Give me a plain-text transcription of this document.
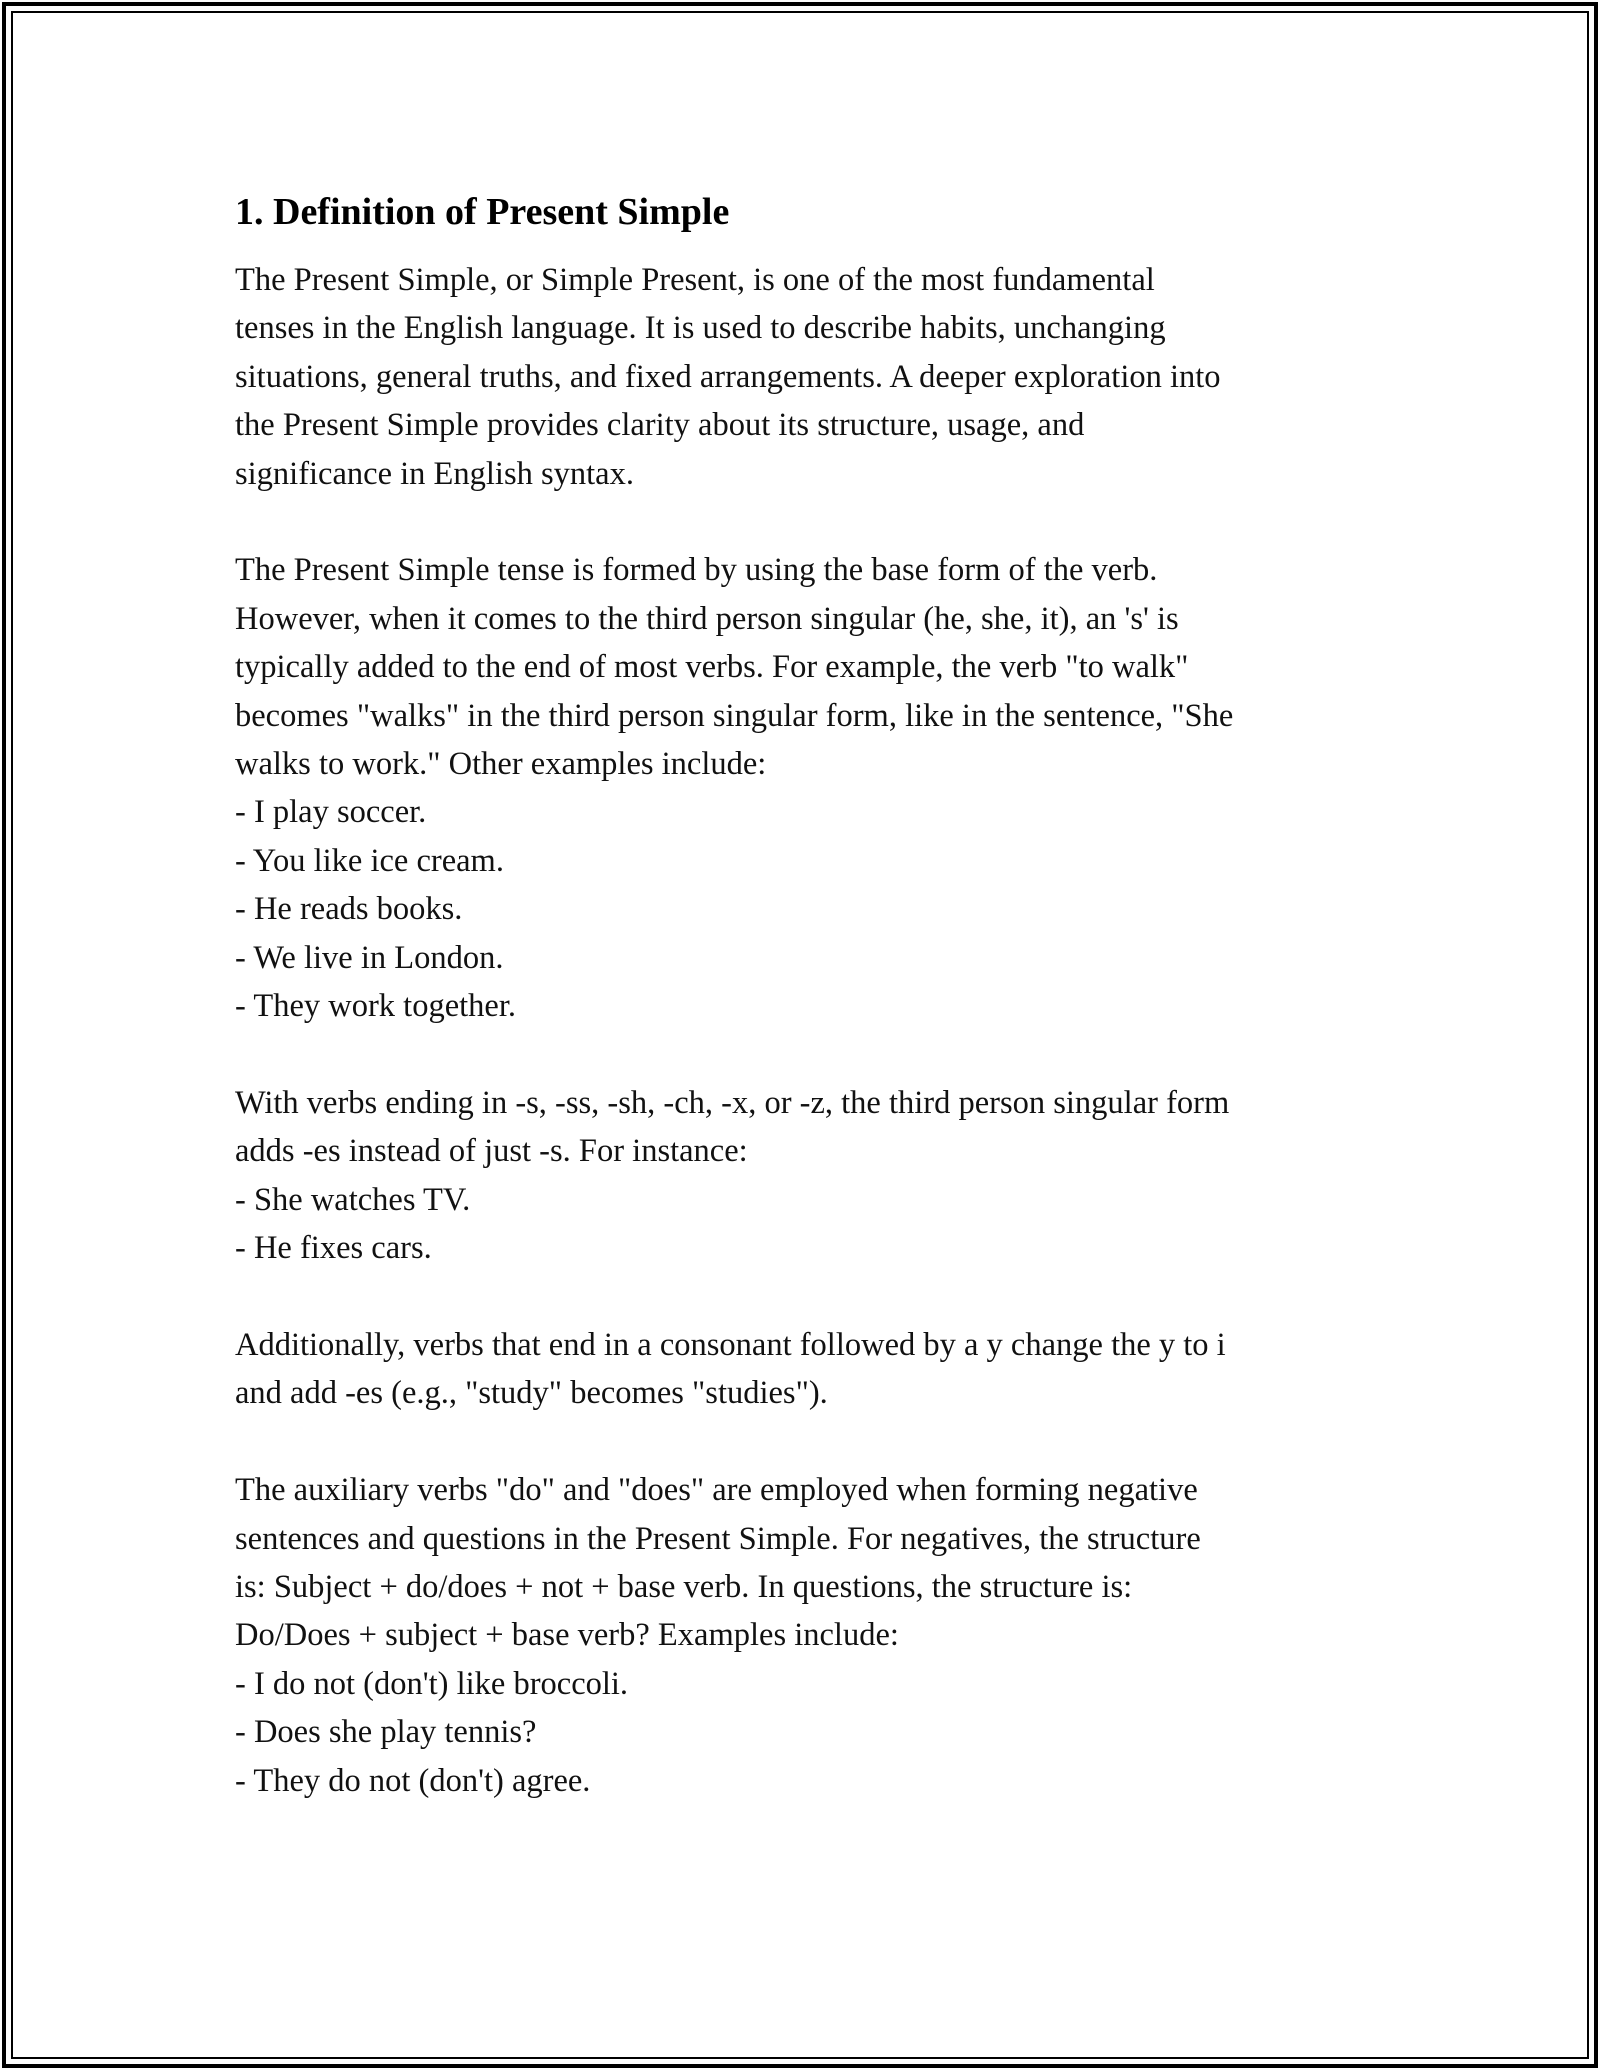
1. Definition of Present Simple

The Present Simple, or Simple Present, is one of the most fundamental
tenses in the English language. It is used to describe habits, unchanging
situations, general truths, and fixed arrangements. A deeper exploration into
the Present Simple provides clarity about its structure, usage, and
significance in English syntax.

The Present Simple tense is formed by using the base form of the verb.
However, when it comes to the third person singular (he, she, it), an 's' is
typically added to the end of most verbs. For example, the verb "to walk"
becomes "walks" in the third person singular form, like in the sentence, "She
walks to work." Other examples include:
- I play soccer.
- You like ice cream.
- He reads books.
- We live in London.
- They work together.

With verbs ending in -s, -ss, -sh, -ch, -x, or -z, the third person singular form
adds -es instead of just -s. For instance:
- She watches TV.
- He fixes cars.

Additionally, verbs that end in a consonant followed by a y change the y to i
and add -es (e.g., "study" becomes "studies").

The auxiliary verbs "do" and "does" are employed when forming negative
sentences and questions in the Present Simple. For negatives, the structure
is: Subject + do/does + not + base verb. In questions, the structure is:
Do/Does + subject + base verb? Examples include:
- I do not (don't) like broccoli.
- Does she play tennis?
- They do not (don't) agree.
